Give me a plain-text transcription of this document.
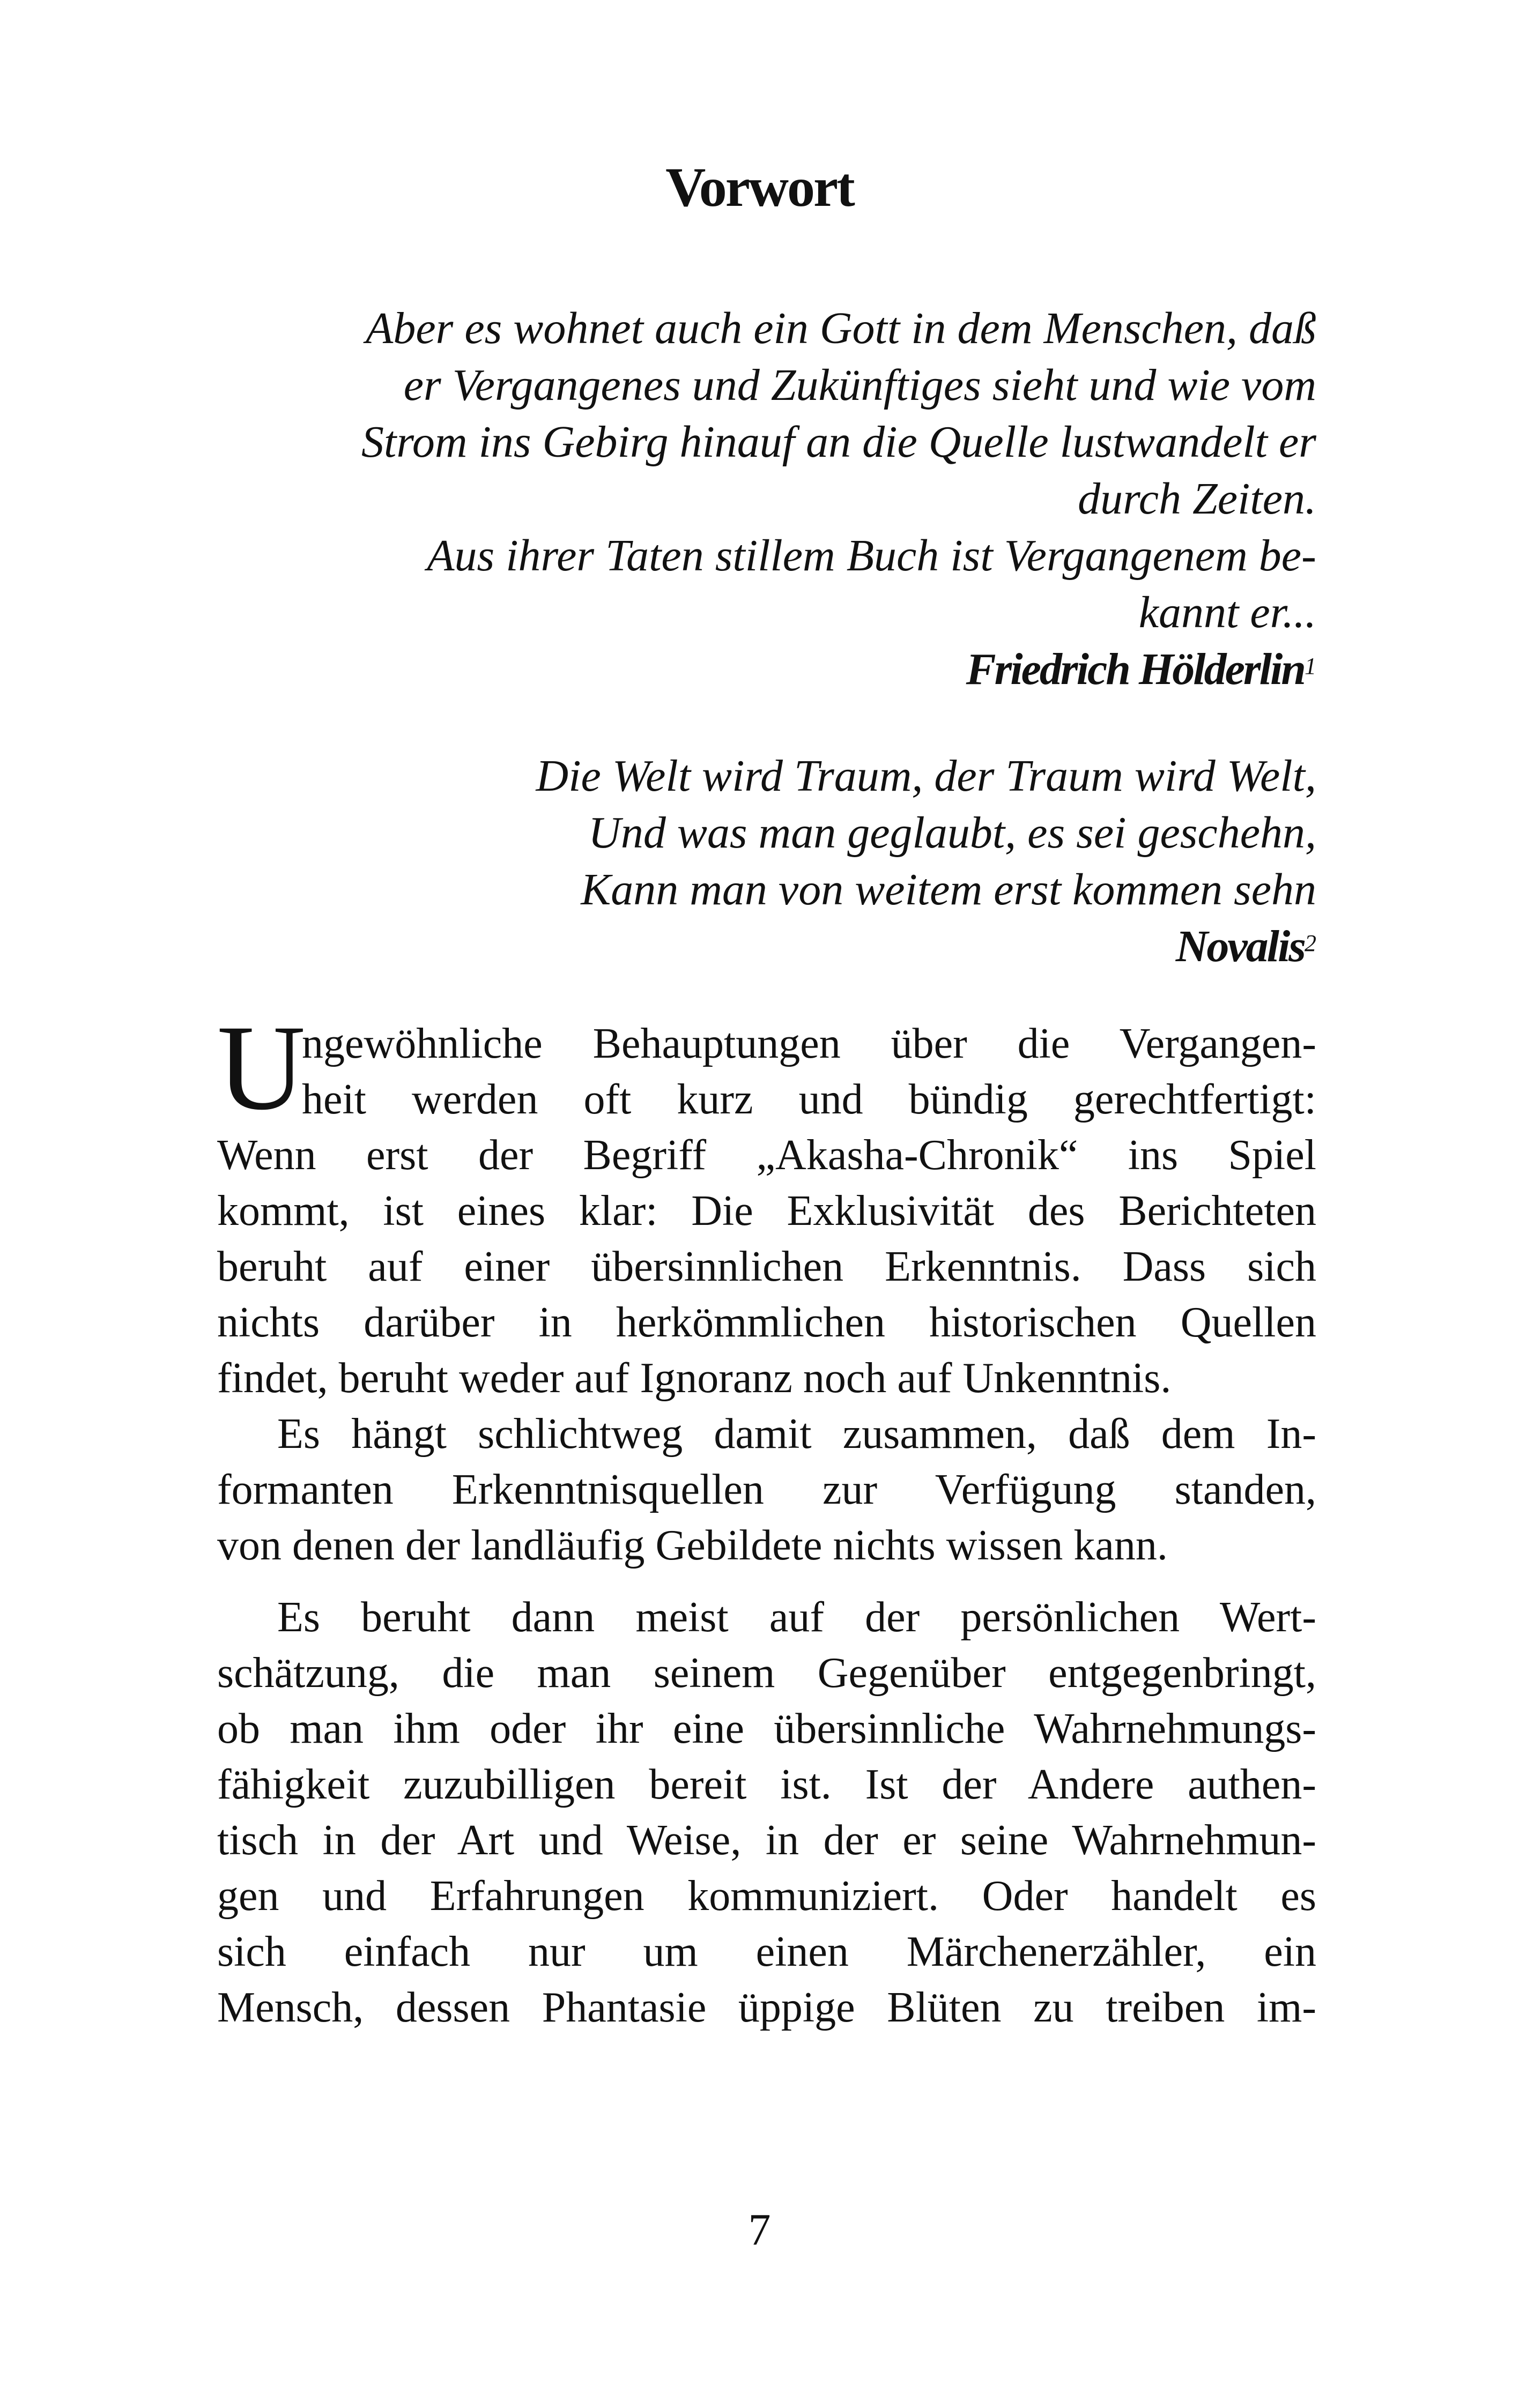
Vorwort
Aber es wohnet auch ein Gott in dem Menschen, daß
er Vergangenes und Zukünftiges sieht und wie vom
Strom ins Gebirg hinauf an die Quelle lustwandelt er
durch Zeiten.
Aus ihrer Taten stillem Buch ist Vergangenem be-
kannt er...
Friedrich Hölderlin$^1$
Die Welt wird Traum, der Traum wird Welt,
Und was man geglaubt, es sei geschehn,
Kann man von weitem erst kommen sehn
Novalis$^2$
U
ngewöhnliche Behauptungen über die Vergangen-
heit werden oft kurz und bündig gerechtfertigt:
Wenn erst der Begriff „Akasha-Chronik“ ins Spiel
kommt, ist eines klar: Die Exklusivität des Berichteten
beruht auf einer übersinnlichen Erkenntnis. Dass sich
nichts darüber in herkömmlichen historischen Quellen
findet, beruht weder auf Ignoranz noch auf Unkenntnis.
Es hängt schlichtweg damit zusammen, daß dem In-
formanten Erkenntnisquellen zur Verfügung standen,
von denen der landläufig Gebildete nichts wissen kann.
Es beruht dann meist auf der persönlichen Wert-
schätzung, die man seinem Gegenüber entgegenbringt,
ob man ihm oder ihr eine übersinnliche Wahrnehmungs-
fähigkeit zuzubilligen bereit ist. Ist der Andere authen-
tisch in der Art und Weise, in der er seine Wahrnehmun-
gen und Erfahrungen kommuniziert. Oder handelt es
sich einfach nur um einen Märchenerzähler, ein
Mensch, dessen Phantasie üppige Blüten zu treiben im-

7
